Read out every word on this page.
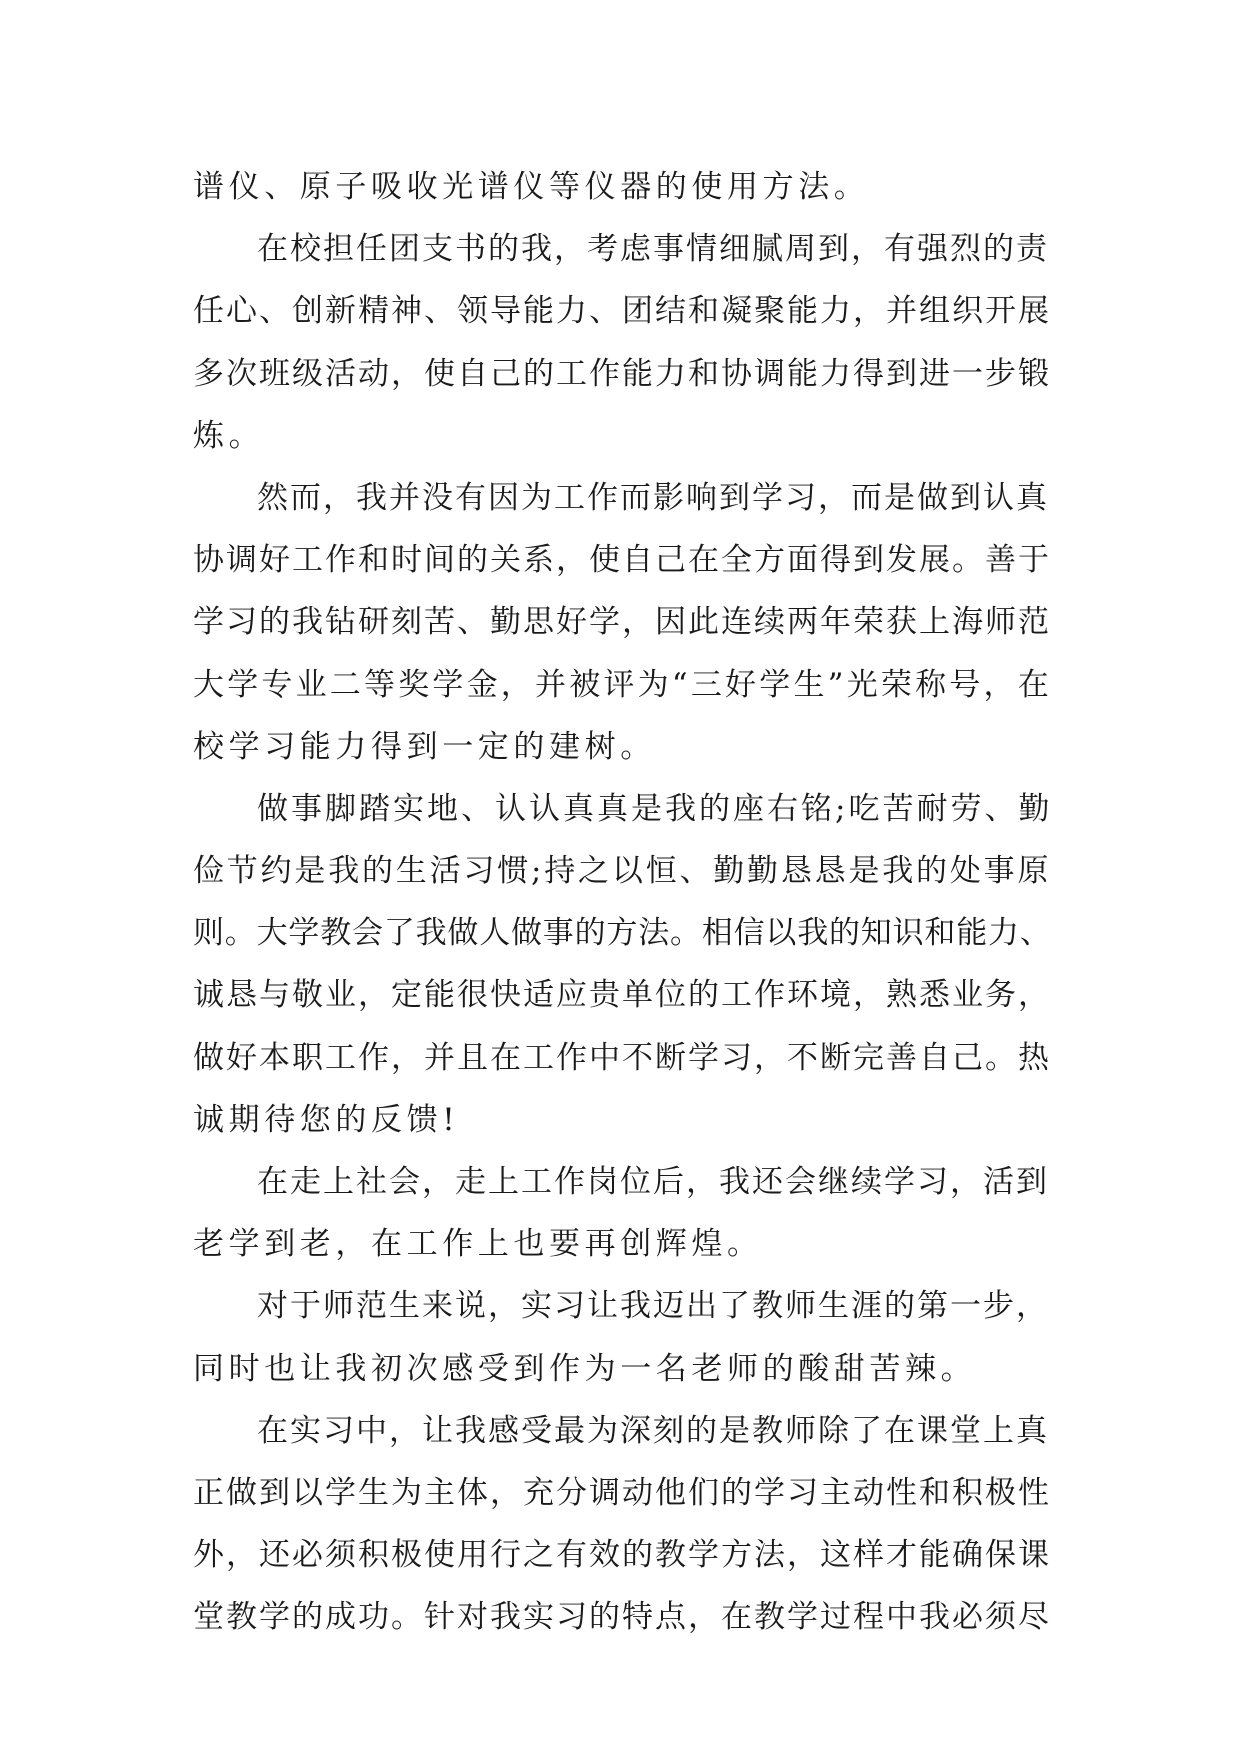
谱仪、原子吸收光谱仪等仪器的使用方法。
在校担任团支书的我，考虑事情细腻周到，有强烈的责
任心、创新精神、领导能力、团结和凝聚能力，并组织开展
多次班级活动，使自己的工作能力和协调能力得到进一步锻
炼。
然而，我并没有因为工作而影响到学习，而是做到认真
协调好工作和时间的关系，使自己在全方面得到发展。善于
学习的我钻研刻苦、勤思好学，因此连续两年荣获上海师范
大学专业二等奖学金，并被评为“三好学生”光荣称号，在
校学习能力得到一定的建树。
做事脚踏实地、认认真真是我的座右铭;吃苦耐劳、勤
俭节约是我的生活习惯;持之以恒、勤勤恳恳是我的处事原
则。大学教会了我做人做事的方法。相信以我的知识和能力、
诚恳与敬业，定能很快适应贵单位的工作环境，熟悉业务，
做好本职工作，并且在工作中不断学习，不断完善自己。热
诚期待您的反馈!
在走上社会，走上工作岗位后，我还会继续学习，活到
老学到老，在工作上也要再创辉煌。
对于师范生来说，实习让我迈出了教师生涯的第一步，
同时也让我初次感受到作为一名老师的酸甜苦辣。
在实习中，让我感受最为深刻的是教师除了在课堂上真
正做到以学生为主体，充分调动他们的学习主动性和积极性
外，还必须积极使用行之有效的教学方法，这样才能确保课
堂教学的成功。针对我实习的特点，在教学过程中我必须尽
